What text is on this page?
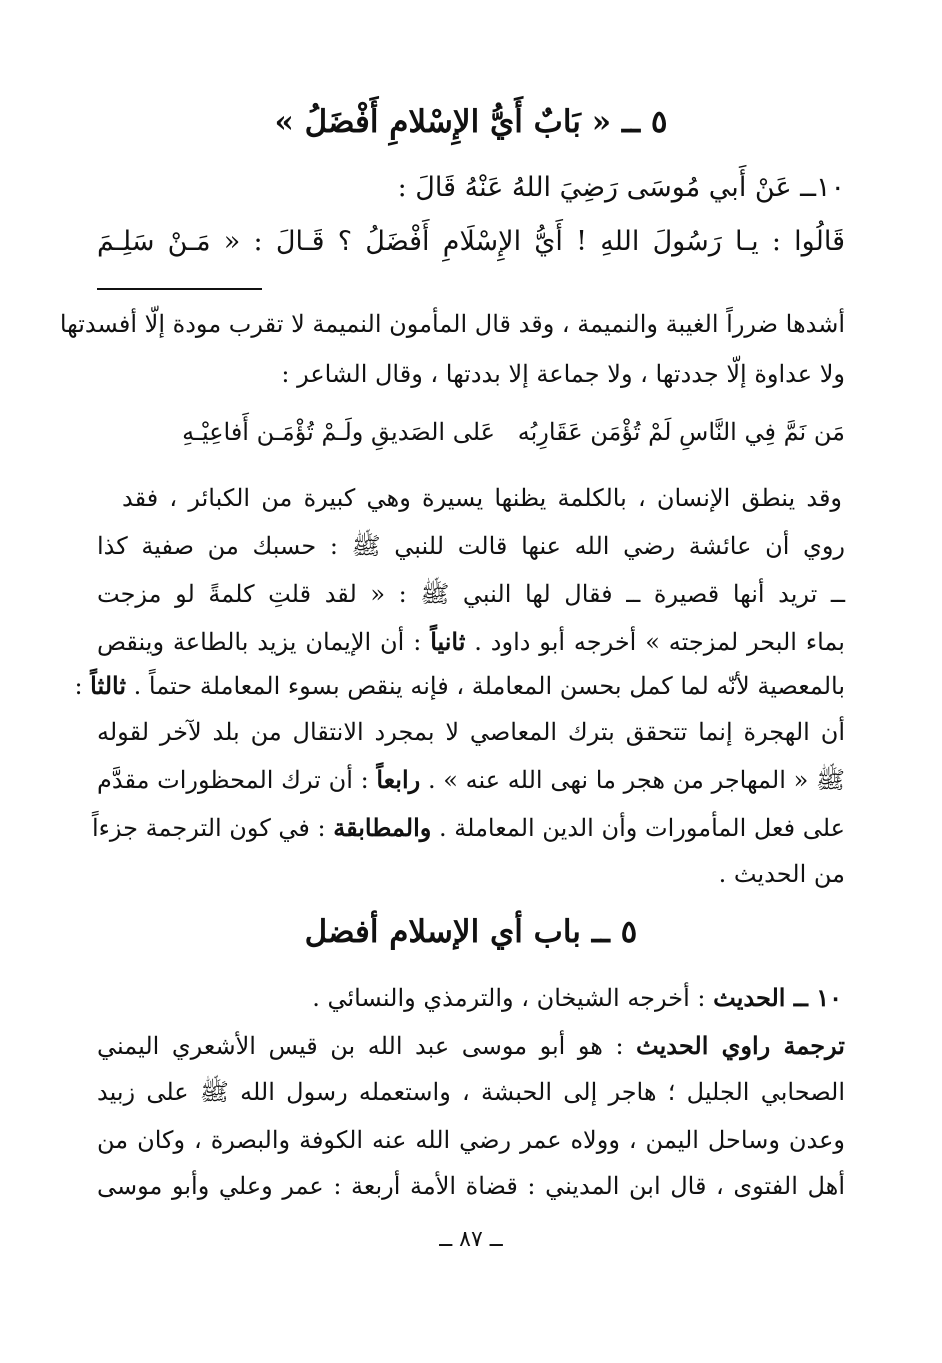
٥ ــ « بَابٌ أَيُّ الإِسْلامِ أَفْضَلُ »
١٠ــ عَنْ أَبي مُوسَى رَضِيَ اللهُ عَنْهُ قَالَ :
قَالُوا : يـا رَسُولَ اللهِ ! أَيُّ الإِسْلَامِ أَفْضَلُ ؟ قَـالَ : « مَـنْ سَلِـمَ
أشدها ضرراً الغيبة والنميمة ، وقد قال المأمون النميمة لا تقرب مودة إلّا أفسدتها
ولا عداوة إلّا جددتها ، ولا جماعة إلا بددتها ، وقال الشاعر :
مَن نَمَّ فِي النَّاسِ لَمْ تُؤْمَن عَقَارِبُه
عَلى الصَديقِ ولَـمْ تُؤْمَـن أَفاعِيْـهِ
وقد ينطق الإنسان ، بالكلمة يظنها يسيرة وهي كبيرة من الكبائر ، فقد
روي أن عائشة رضي الله عنها قالت للنبي ﷺ : حسبك من صفية كذا
ــ تريد أنها قصيرة ــ فقال لها النبي ﷺ : « لقد قلتِ كلمةً لو مزجت
بماء البحر لمزجته » أخرجه أبو داود . ثانياً : أن الإيمان يزيد بالطاعة وينقص
بالمعصية لأنّه لما كمل بحسن المعاملة ، فإنه ينقص بسوء المعاملة حتماً . ثالثاً :
أن الهجرة إنما تتحقق بترك المعاصي لا بمجرد الانتقال من بلد لآخر لقوله
ﷺ « المهاجر من هجر ما نهى الله عنه » . رابعاً : أن ترك المحظورات مقدَّم
على فعل المأمورات وأن الدين المعاملة . والمطابقة : في كون الترجمة جزءاً
من الحديث .
٥ ــ باب أي الإسلام أفضل
١٠ ــ الحديث : أخرجه الشيخان ، والترمذي والنسائي .
ترجمة راوي الحديث : هو أبو موسى عبد الله بن قيس الأشعري اليمني
الصحابي الجليل ؛ هاجر إلى الحبشة ، واستعمله رسول الله ﷺ على زبيد
وعدن وساحل اليمن ، وولاه عمر رضي الله عنه الكوفة والبصرة ، وكان من
أهل الفتوى ، قال ابن المديني : قضاة الأمة أربعة : عمر وعلي وأبو موسى
ــ ٨٧ ــ
